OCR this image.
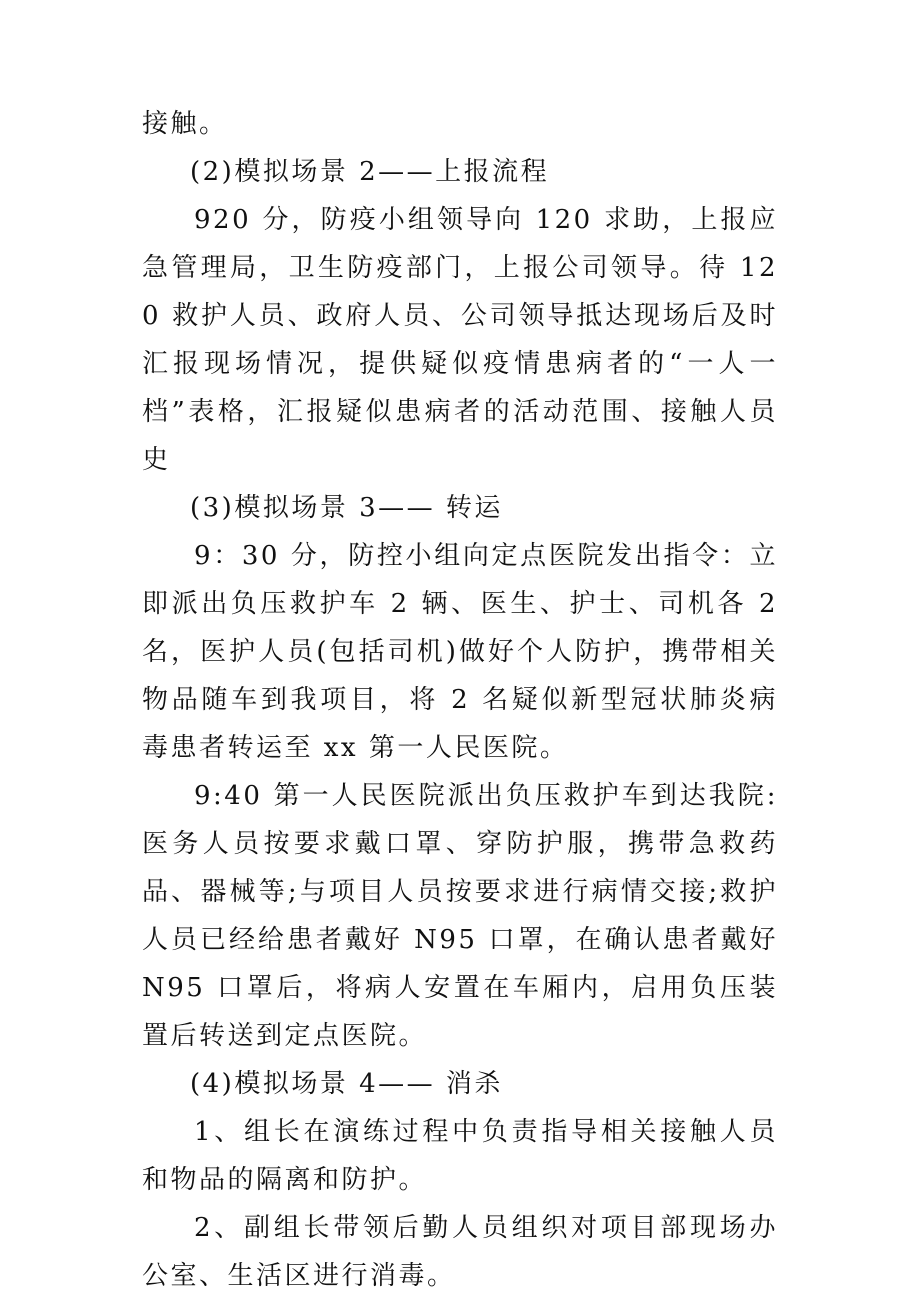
接触。

(2)模拟场景 2——上报流程

920 分，防疫小组领导向 120 求助，上报应急管理局，卫生防疫部门，上报公司领导。待 120 救护人员、政府人员、公司领导抵达现场后及时汇报现场情况，提供疑似疫情患病者的“一人一档”表格，汇报疑似患病者的活动范围、接触人员史

(3)模拟场景 3—— 转运

9：30 分，防控小组向定点医院发出指令：立即派出负压救护车 2 辆、医生、护士、司机各 2 名，医护人员(包括司机)做好个人防护，携带相关物品随车到我项目，将 2 名疑似新型冠状肺炎病毒患者转运至 xx 第一人民医院。

9:40 第一人民医院派出负压救护车到达我院: 医务人员按要求戴口罩、穿防护服，携带急救药品、器械等;与项目人员按要求进行病情交接;救护人员已经给患者戴好 N95 口罩，在确认患者戴好 N95 口罩后，将病人安置在车厢内，启用负压装置后转送到定点医院。

(4)模拟场景 4—— 消杀

1、组长在演练过程中负责指导相关接触人员和物品的隔离和防护。

2、副组长带领后勤人员组织对项目部现场办公室、生活区进行消毒。
